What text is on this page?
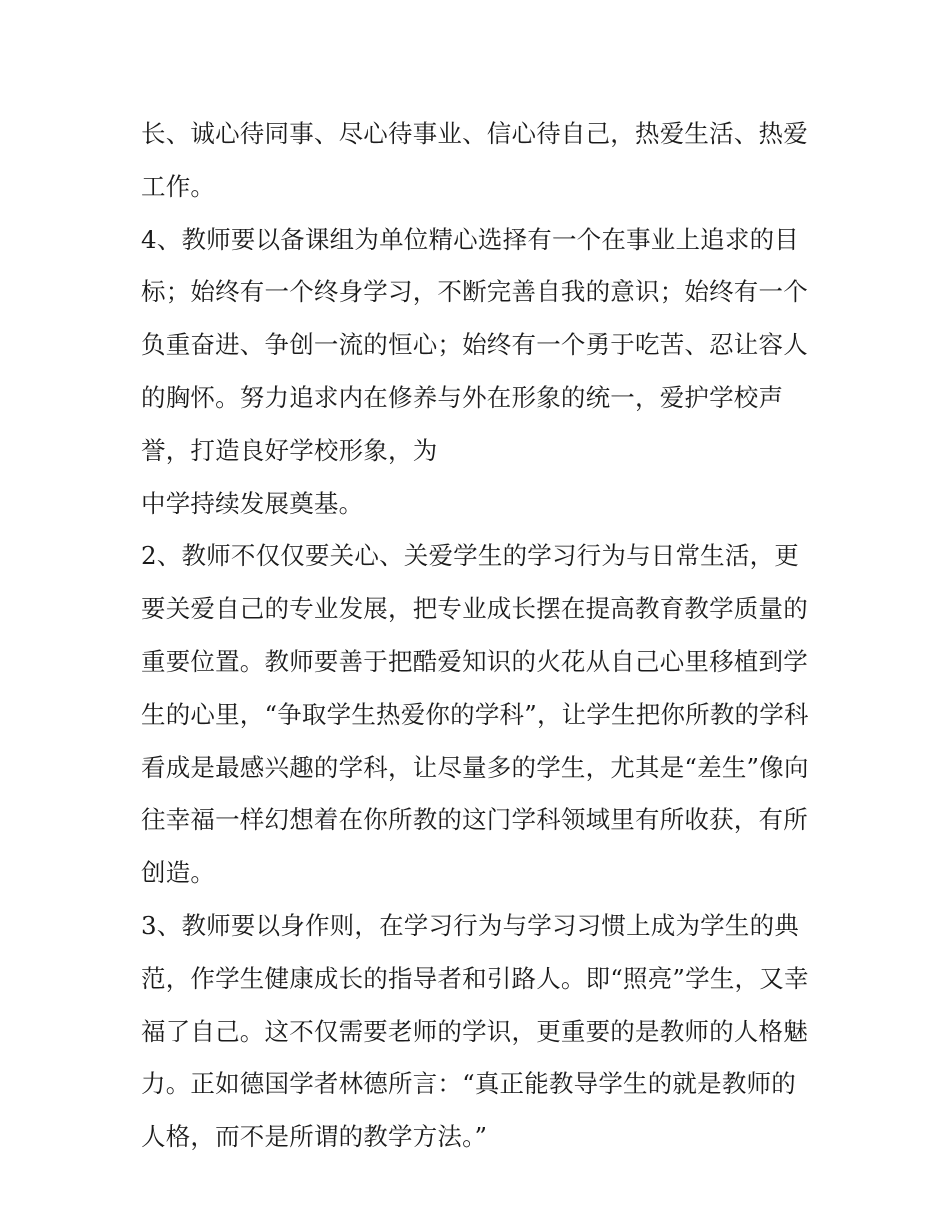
长、诚心待同事、尽心待事业、信心待自己，热爱生活、热爱
工作。
4、教师要以备课组为单位精心选择有一个在事业上追求的目
标；始终有一个终身学习，不断完善自我的意识；始终有一个
负重奋进、争创一流的恒心；始终有一个勇于吃苦、忍让容人
的胸怀。努力追求内在修养与外在形象的统一，爱护学校声
誉，打造良好学校形象，为
中学持续发展奠基。
2、教师不仅仅要关心、关爱学生的学习行为与日常生活，更
要关爱自己的专业发展，把专业成长摆在提高教育教学质量的
重要位置。教师要善于把酷爱知识的火花从自己心里移植到学
生的心里，“争取学生热爱你的学科”，让学生把你所教的学科
看成是最感兴趣的学科，让尽量多的学生，尤其是“差生”像向
往幸福一样幻想着在你所教的这门学科领域里有所收获，有所
创造。
3、教师要以身作则，在学习行为与学习习惯上成为学生的典
范，作学生健康成长的指导者和引路人。即“照亮”学生，又幸
福了自己。这不仅需要老师的学识，更重要的是教师的人格魅
力。正如德国学者林德所言：“真正能教导学生的就是教师的
人格，而不是所谓的教学方法。”
